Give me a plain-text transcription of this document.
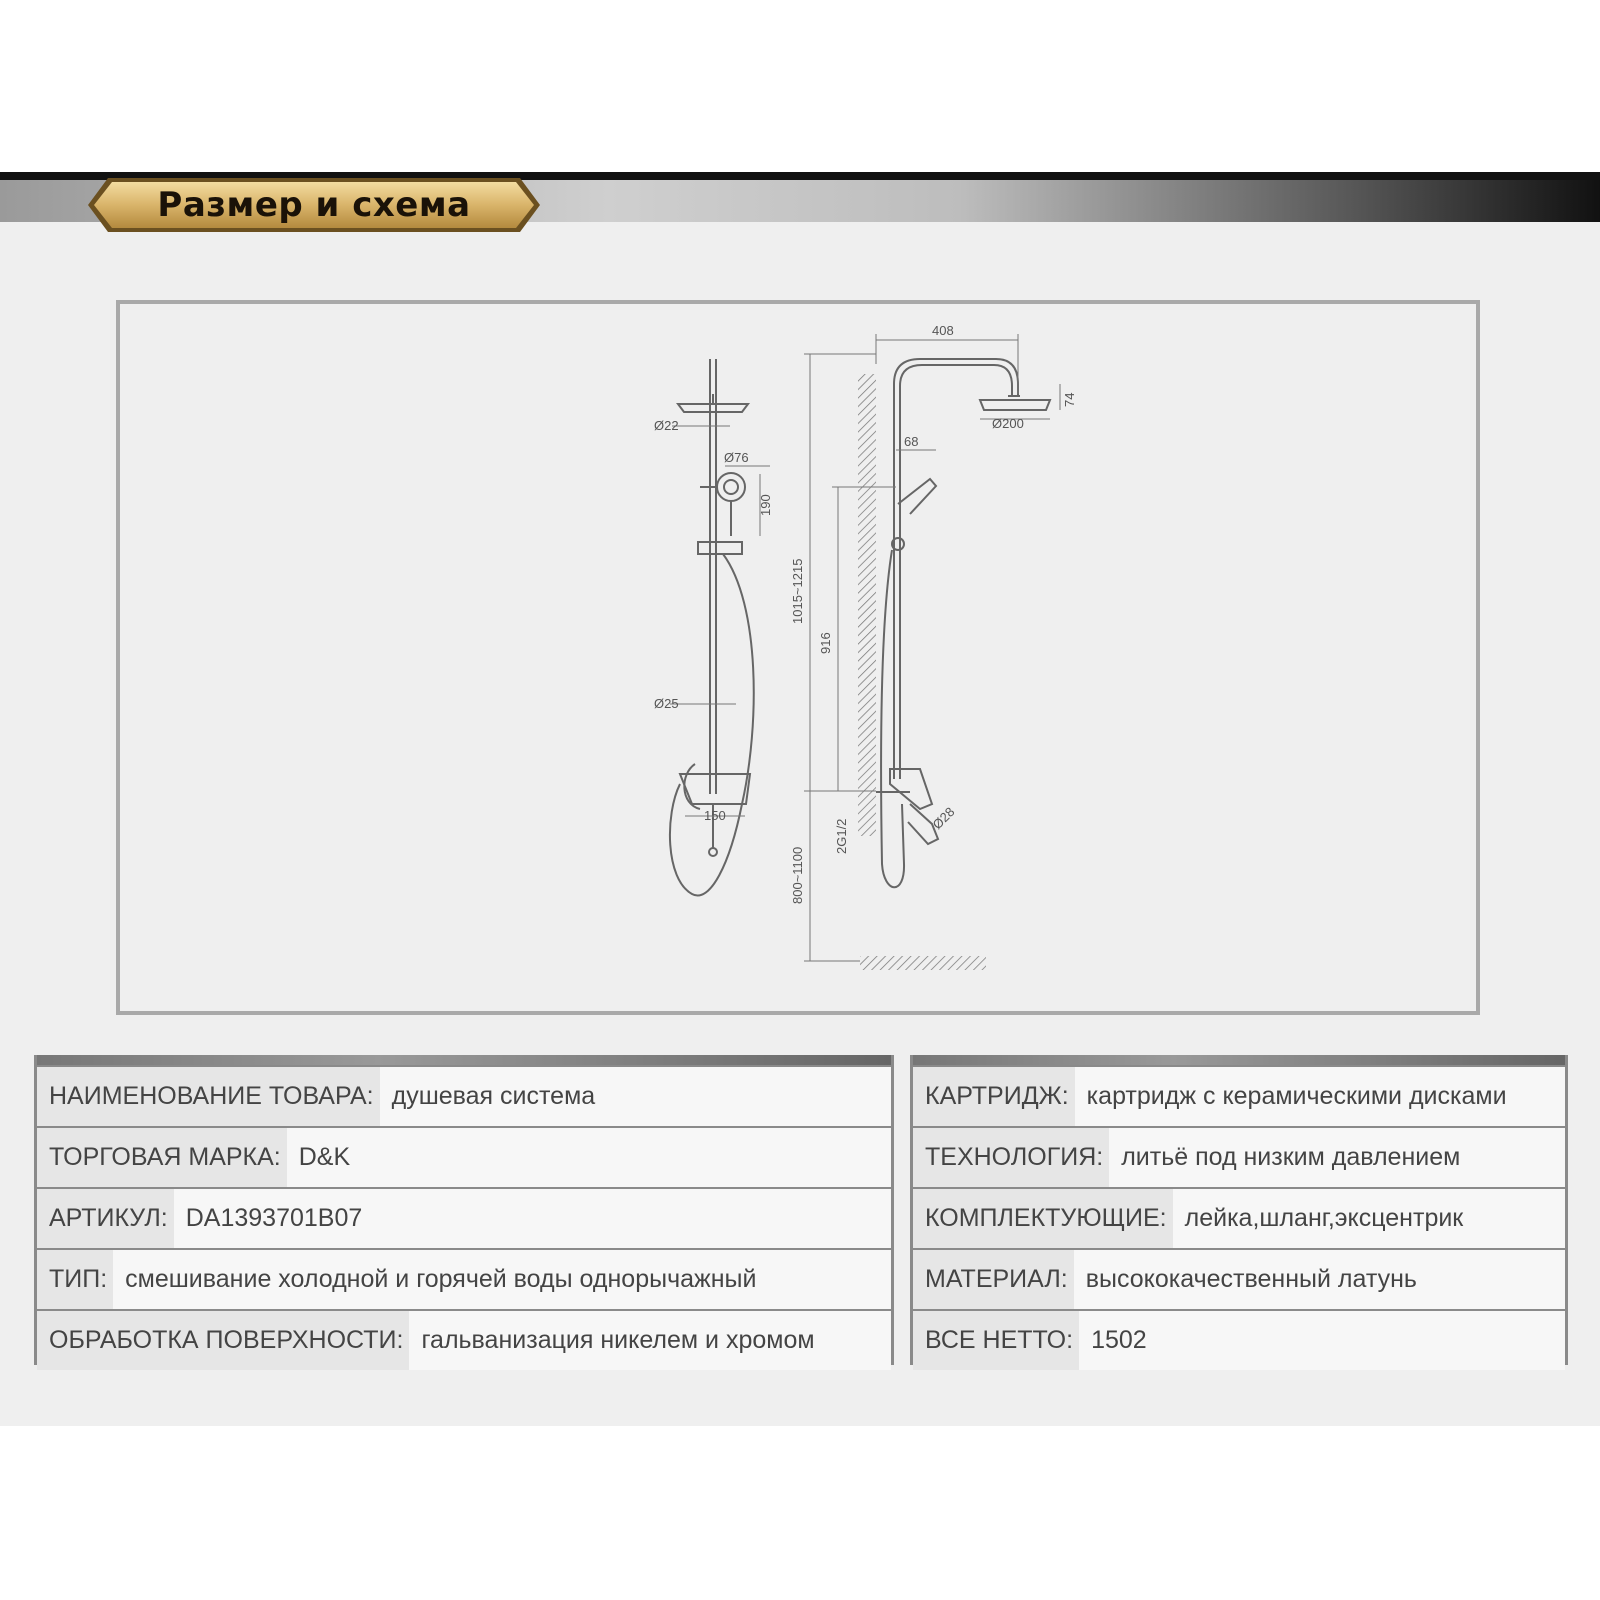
Размер и схема
Ø22
Ø76
190
Ø25
150
408
74
Ø200
68
1015~1215
916
2G1/2
Ø28
800~1100
НАИМЕНОВАНИЕ ТОВАРА: душевая система
ТОРГОВАЯ МАРКА: D&K
АРТИКУЛ: DA1393701B07
ТИП: смешивание холодной и горячей воды однорычажный
ОБРАБОТКА ПОВЕРХНОСТИ: гальванизация никелем и хромом
КАРТРИДЖ: картридж с керамическими дисками
ТЕХНОЛОГИЯ: литьё под низким давлением
КОМПЛЕКТУЮЩИЕ: лейка,шланг,эксцентрик
МАТЕРИАЛ: высококачественный латунь
ВСЕ НЕТТО: 1502
